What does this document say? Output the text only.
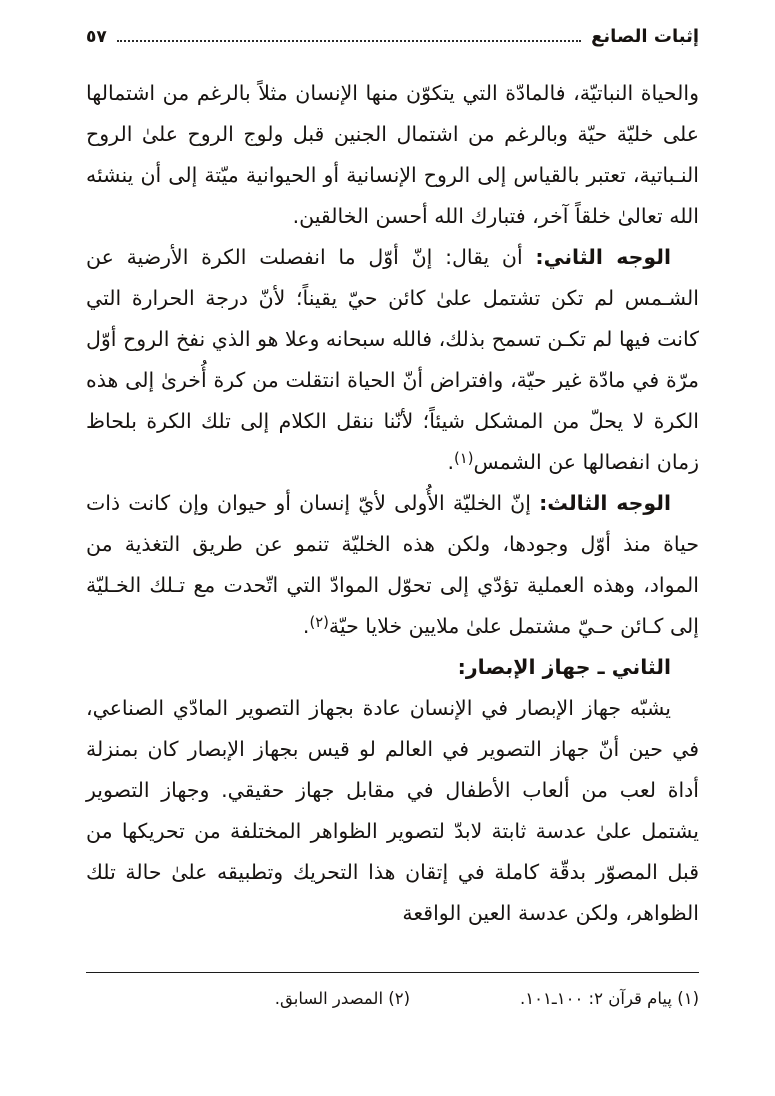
إثبات الصانع
٥٧

والحياة النباتيّة، فالمادّة التي يتكوّن منها الإنسان مثلاً بالرغم من اشتمالها على خليّة حيّة وبالرغم من اشتمال الجنين قبل ولوج الروح علىٰ الروح النـباتية، تعتبر بالقياس إلى الروح الإنسانية أو الحيوانية ميّتة إلى أن ينشئه الله تعالىٰ خلقاً آخر، فتبارك الله أحسن الخالقين.

الوجه الثاني: أن يقال: إنّ أوّل ما انفصلت الكرة الأرضية عن الشـمس لم تكن تشتمل علىٰ كائن حيّ يقيناً؛ لأنّ درجة الحرارة التي كانت فيها لم تكـن تسمح بذلك، فالله سبحانه وعلا هو الذي نفخ الروح أوّل مرّة في مادّة غير حيّة، وافتراض أنّ الحياة انتقلت من كرة أُخرىٰ إلى هذه الكرة لا يحلّ من المشكل شيئاً؛ لأنّنا ننقل الكلام إلى تلك الكرة بلحاظ زمان انفصالها عن الشمس$^{(١)}$.

الوجه الثالث: إنّ الخليّة الأُولى لأيّ إنسان أو حيوان وإن كانت ذات حياة منذ أوّل وجودها، ولكن هذه الخليّة تنمو عن طريق التغذية من المواد، وهذه العملية تؤدّي إلى تحوّل الموادّ التي اتّحدت مع تـلك الخـليّة إلى كـائن حـيّ مشتمل علىٰ ملايين خلايا حيّة$^{(٢)}$.

الثاني ـ جهاز الإبصار:

يشبّه جهاز الإبصار في الإنسان عادة بجهاز التصوير المادّي الصناعي، في حين أنّ جهاز التصوير في العالم لو قيس بجهاز الإبصار كان بمنزلة أداة لعب من ألعاب الأطفال في مقابل جهاز حقيقي. وجهاز التصوير يشتمل علىٰ عدسة ثابتة لابدّ لتصوير الظواهر المختلفة من تحريكها من قبل المصوّر بدقّة كاملة في إتقان هذا التحريك وتطبيقه علىٰ حالة تلك الظواهر، ولكن عدسة العين الواقعة

(١) پيام قرآن ٢: ١٠٠ـ١٠١.
(٢) المصدر السابق.
